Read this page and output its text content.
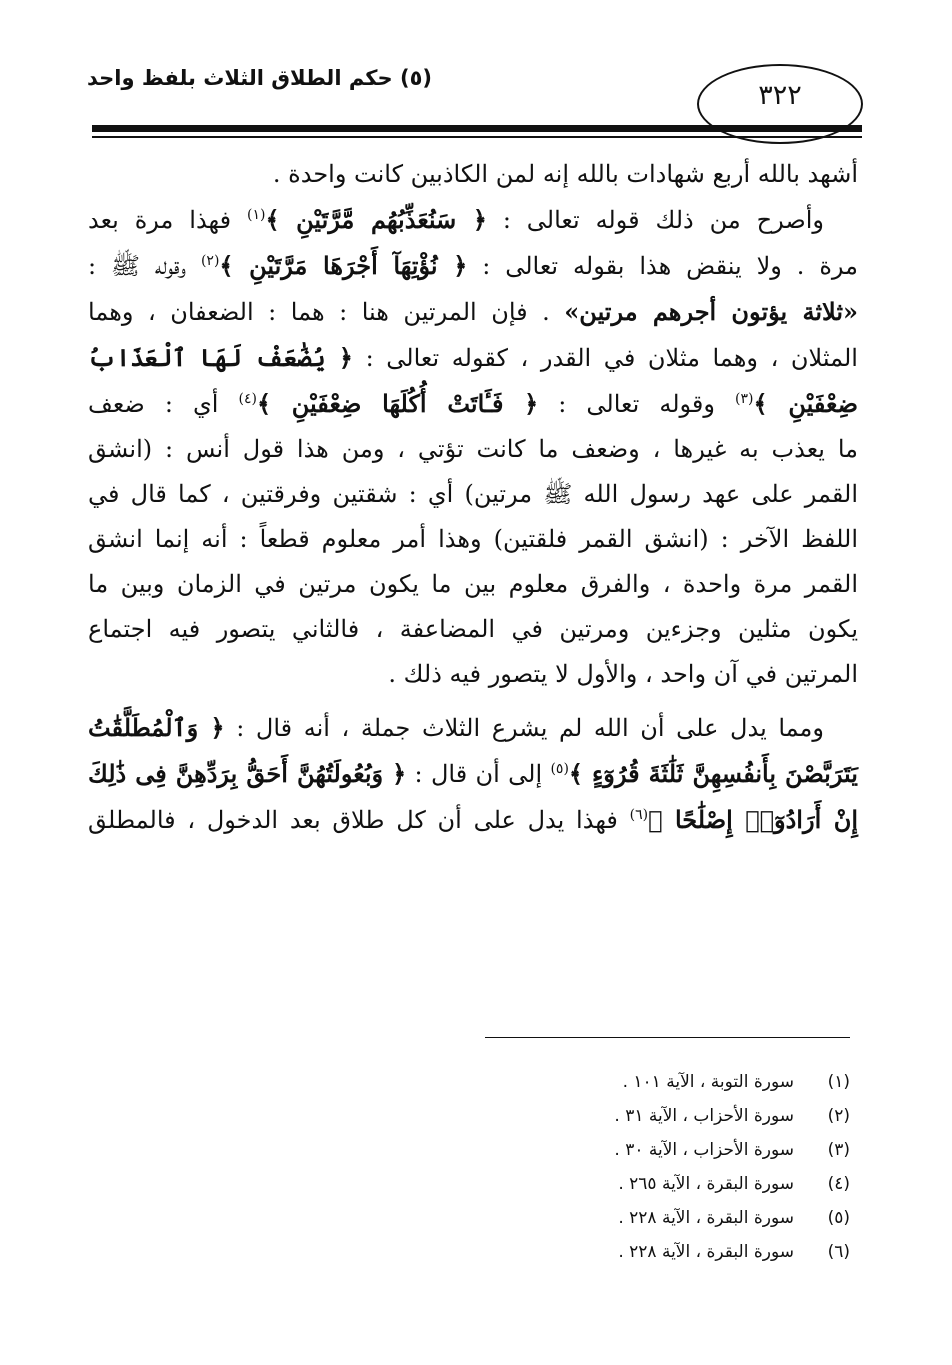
(٥) حكم الطلاق الثلاث بلفظ واحد
٣٢٢
أشهد بالله أربع شهادات بالله إنه لمن الكاذبين كانت واحدة .
وأصرح من ذلك قوله تعالى : ﴿ سَنُعَذِّبُهُم مَّرَّتَيْنِ ﴾$^{(١)}$ فهذا مرة بعد
مرة . ولا ينقض هذا بقوله تعالى : ﴿ نُؤْتِهَآ أَجْرَهَا مَرَّتَيْنِ ﴾$^{(٢)}$ وقوله ﷺ :
«ثلاثة يؤتون أجرهم مرتين» . فإن المرتين هنا : هما : الضعفان ، وهما
المثلان ، وهما مثلان في القدر ، كقوله تعالى : ﴿ يُضَٰعَفْ لَهَا ٱلْعَذَابُ
ضِعْفَيْنِ ﴾$^{(٣)}$ وقوله تعالى : ﴿ فَـَٔاتَتْ أُكُلَهَا ضِعْفَيْنِ ﴾$^{(٤)}$ أي : ضعف
ما يعذب به غيرها ، وضعف ما كانت تؤتي ، ومن هذا قول أنس : (انشق
القمر على عهد رسول الله ﷺ مرتين) أي : شقتين وفرقتين ، كما قال في
اللفظ الآخر : (انشق القمر فلقتين) وهذا أمر معلوم قطعاً : أنه إنما انشق
القمر مرة واحدة ، والفرق معلوم بين ما يكون مرتين في الزمان وبين ما
يكون مثلين وجزءين ومرتين في المضاعفة ، فالثاني يتصور فيه اجتماع
المرتين في آن واحد ، والأول لا يتصور فيه ذلك .
ومما يدل على أن الله لم يشرع الثلاث جملة ، أنه قال : ﴿ وَٱلْمُطَلَّقَٰتُ
يَتَرَبَّصْنَ بِأَنفُسِهِنَّ ثَلَٰثَةَ قُرُوٓءٍ ﴾$^{(٥)}$ إلى أن قال : ﴿ وَبُعُولَتُهُنَّ أَحَقُّ بِرَدِّهِنَّ فِى ذَٰلِكَ
إِنْ أَرَادُوٓا۟ إِصْلَٰحًا ﴾$^{(٦)}$ فهذا يدل على أن كل طلاق بعد الدخول ، فالمطلق
(١)سورة التوبة ، الآية ١٠١ .
(٢)سورة الأحزاب ، الآية ٣١ .
(٣)سورة الأحزاب ، الآية ٣٠ .
(٤)سورة البقرة ، الآية ٢٦٥ .
(٥)سورة البقرة ، الآية ٢٢٨ .
(٦)سورة البقرة ، الآية ٢٢٨ .
